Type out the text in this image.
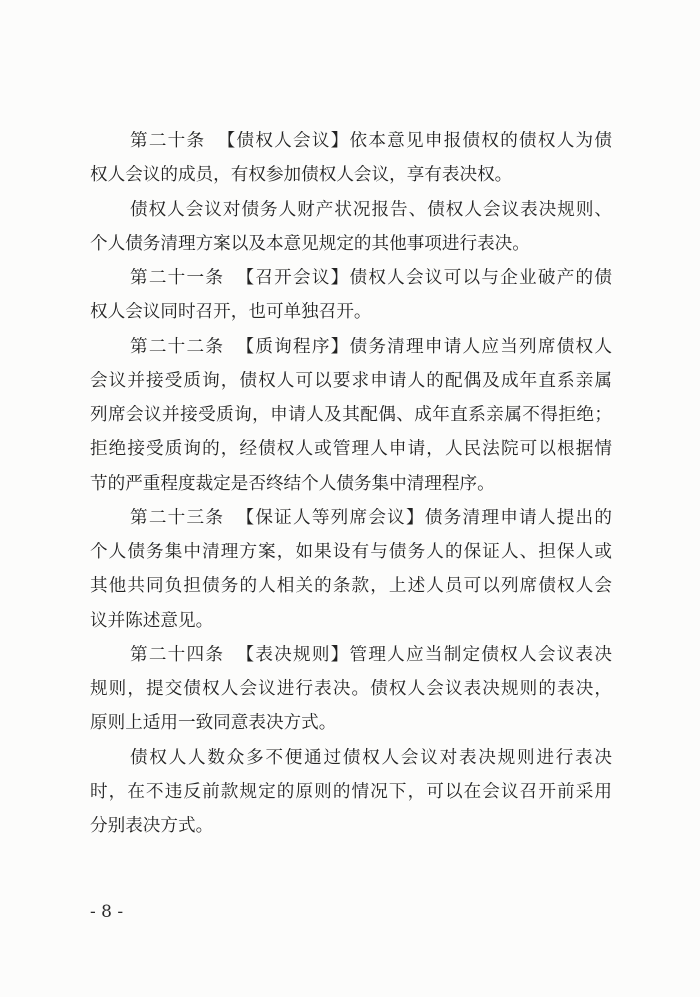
第二十条 【债权人会议】依本意见申报债权的债权人为债
权人会议的成员，有权参加债权人会议，享有表决权。
债权人会议对债务人财产状况报告、债权人会议表决规则、
个人债务清理方案以及本意见规定的其他事项进行表决。
第二十一条 【召开会议】债权人会议可以与企业破产的债
权人会议同时召开，也可单独召开。
第二十二条 【质询程序】债务清理申请人应当列席债权人
会议并接受质询，债权人可以要求申请人的配偶及成年直系亲属
列席会议并接受质询，申请人及其配偶、成年直系亲属不得拒绝；
拒绝接受质询的，经债权人或管理人申请，人民法院可以根据情
节的严重程度裁定是否终结个人债务集中清理程序。
第二十三条 【保证人等列席会议】债务清理申请人提出的
个人债务集中清理方案，如果设有与债务人的保证人、担保人或
其他共同负担债务的人相关的条款，上述人员可以列席债权人会
议并陈述意见。
第二十四条 【表决规则】管理人应当制定债权人会议表决
规则，提交债权人会议进行表决。债权人会议表决规则的表决，
原则上适用一致同意表决方式。
债权人人数众多不便通过债权人会议对表决规则进行表决
时，在不违反前款规定的原则的情况下，可以在会议召开前采用
分别表决方式。
- 8 -
